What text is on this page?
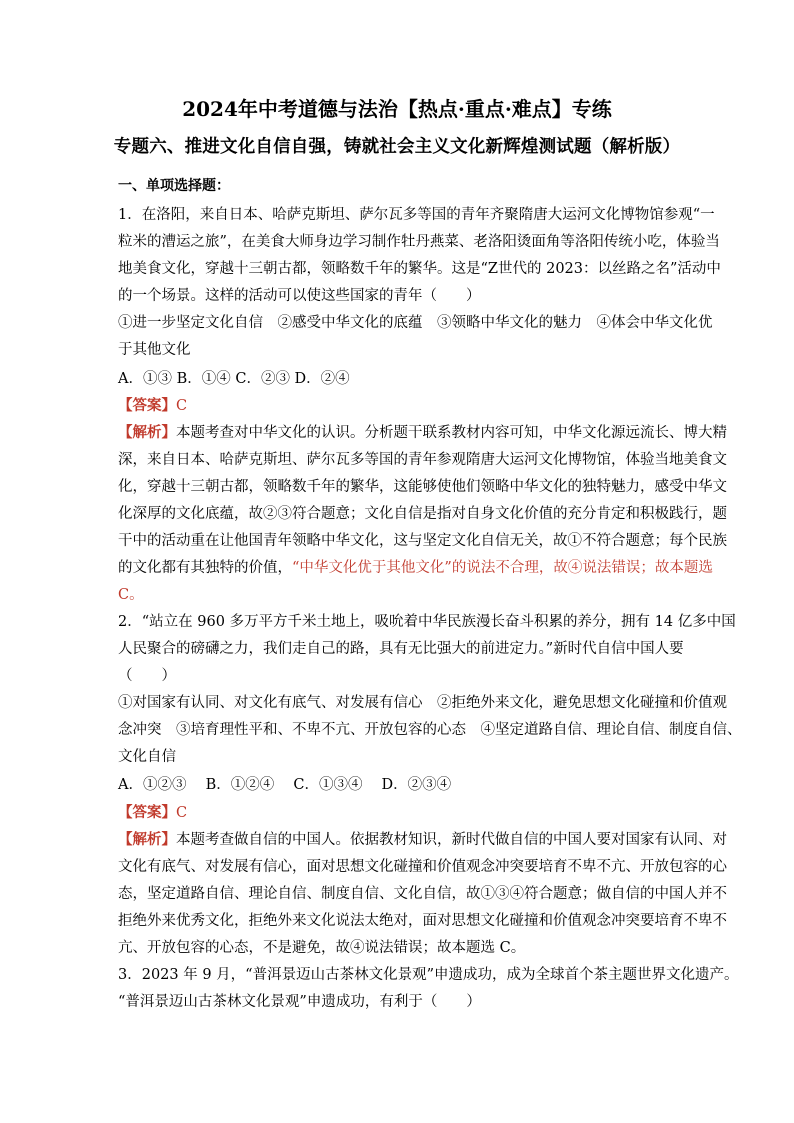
2024年中考道德与法治【热点·重点·难点】专练
专题六、推进文化自信自强，铸就社会主义文化新辉煌测试题（解析版）
一、单项选择题：
1．在洛阳，来自日本、哈萨克斯坦、萨尔瓦多等国的青年齐聚隋唐大运河文化博物馆参观“一
粒米的漕运之旅”，在美食大师身边学习制作牡丹燕菜、老洛阳烫面角等洛阳传统小吃，体验当
地美食文化，穿越十三朝古都，领略数千年的繁华。这是“Z世代的 2023：以丝路之名”活动中
的一个场景。这样的活动可以使这些国家的青年（　　）
①进一步坚定文化自信　②感受中华文化的底蕴　③领略中华文化的魅力　④体会中华文化优
于其他文化
A．①③ B．①④ C．②③ D．②④
【答案】C
【解析】本题考查对中华文化的认识。分析题干联系教材内容可知，中华文化源远流长、博大精
深，来自日本、哈萨克斯坦、萨尔瓦多等国的青年参观隋唐大运河文化博物馆，体验当地美食文
化，穿越十三朝古都，领略数千年的繁华，这能够使他们领略中华文化的独特魅力，感受中华文
化深厚的文化底蕴，故②③符合题意；文化自信是指对自身文化价值的充分肯定和积极践行，题
干中的活动重在让他国青年领略中华文化，这与坚定文化自信无关，故①不符合题意；每个民族
的文化都有其独特的价值，“中华文化优于其他文化”的说法不合理，故④说法错误；故本题选
C。
2．“站立在 960 多万平方千米土地上，吸吮着中华民族漫长奋斗积累的养分，拥有 14 亿多中国
人民聚合的磅礴之力，我们走自己的路，具有无比强大的前进定力。”新时代自信中国人要
（　　）
①对国家有认同、对文化有底气、对发展有信心　②拒绝外来文化，避免思想文化碰撞和价值观
念冲突　③培育理性平和、不卑不亢、开放包容的心态　④坚定道路自信、理论自信、制度自信、
文化自信
A．①②③　 B．①②④　 C．①③④　 D．②③④
【答案】C
【解析】本题考查做自信的中国人。依据教材知识，新时代做自信的中国人要对国家有认同、对
文化有底气、对发展有信心，面对思想文化碰撞和价值观念冲突要培育不卑不亢、开放包容的心
态，坚定道路自信、理论自信、制度自信、文化自信，故①③④符合题意；做自信的中国人并不
拒绝外来优秀文化，拒绝外来文化说法太绝对，面对思想文化碰撞和价值观念冲突要培育不卑不
亢、开放包容的心态，不是避免，故④说法错误；故本题选 C。
3．2023 年 9 月，“普洱景迈山古茶林文化景观”申遗成功，成为全球首个茶主题世界文化遗产。
“普洱景迈山古茶林文化景观”申遗成功，有利于（　　）
